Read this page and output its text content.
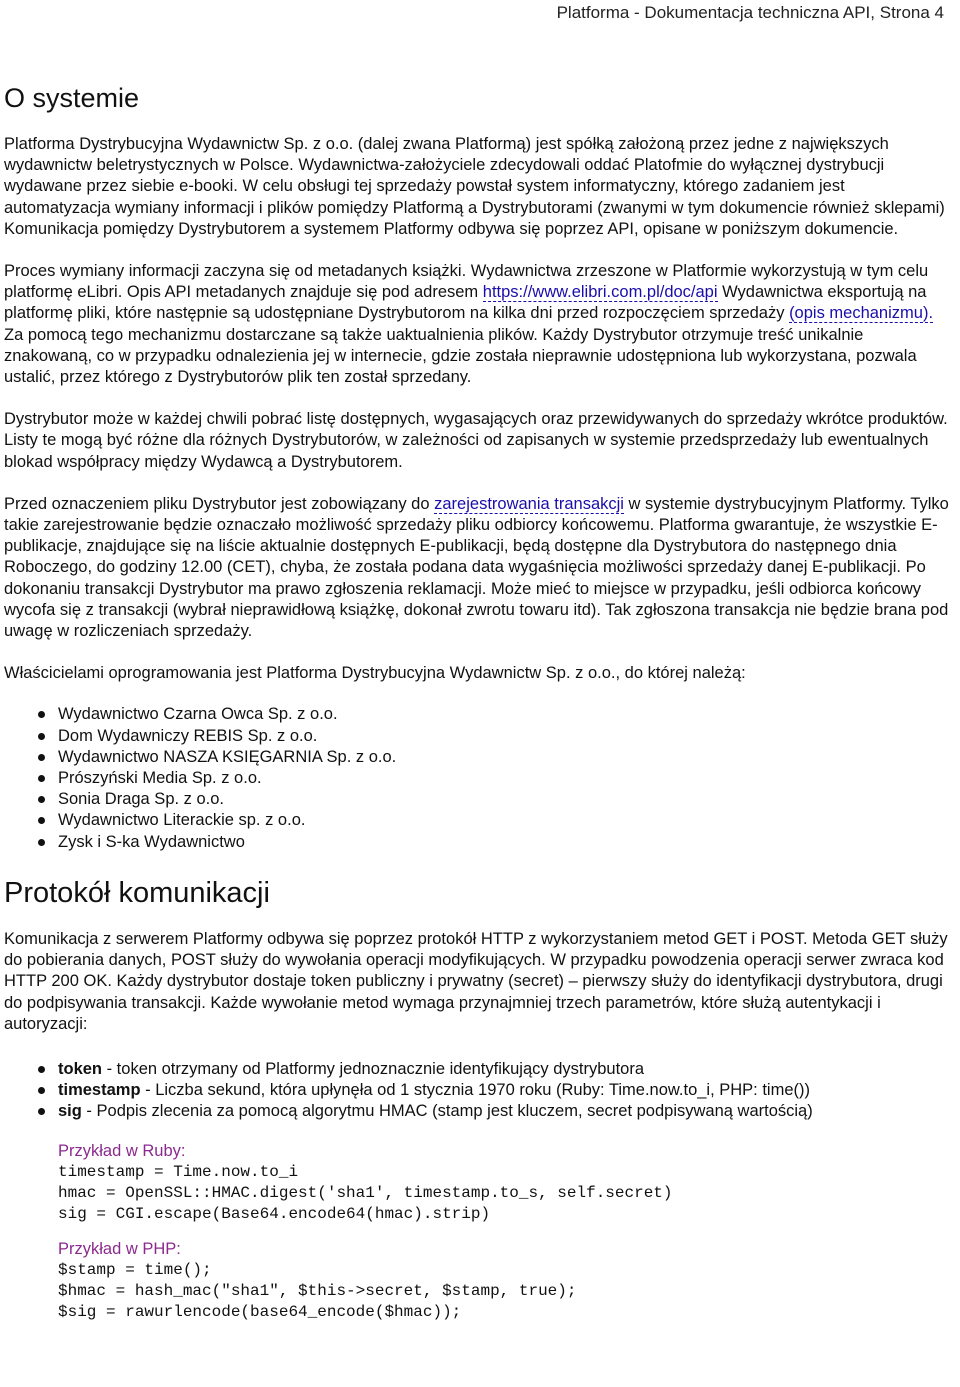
Platforma - Dokumentacja techniczna API, Strona 4
O systemie

Platforma Dystrybucyjna Wydawnictw Sp. z o.o. (dalej zwana Platformą) jest spółką założoną przez jedne z największych wydawnictw beletrystycznych w Polsce. Wydawnictwa-założyciele zdecydowali oddać Platofmie do wyłącznej dystrybucji wydawane przez siebie e-booki. W celu obsługi tej sprzedaży powstał system informatyczny, którego zadaniem jest automatyzacja wymiany informacji i plików pomiędzy Platformą a Dystrybutorami (zwanymi w tym dokumencie również sklepami) Komunikacja pomiędzy Dystrybutorem a systemem Platformy odbywa się poprzez API, opisane w poniższym dokumencie.

Proces wymiany informacji zaczyna się od metadanych książki. Wydawnictwa zrzeszone w Platformie wykorzystują w tym celu platformę eLibri. Opis API metadanych znajduje się pod adresem https://www.elibri.com.pl/doc/api Wydawnictwa eksportują na platformę pliki, które następnie są udostępniane Dystrybutorom na kilka dni przed rozpoczęciem sprzedaży (opis mechanizmu). Za pomocą tego mechanizmu dostarczane są także uaktualnienia plików. Każdy Dystrybutor otrzymuje treść unikalnie znakowaną, co w przypadku odnalezienia jej w internecie, gdzie została nieprawnie udostępniona lub wykorzystana, pozwala ustalić, przez którego z Dystrybutorów plik ten został sprzedany.

Dystrybutor może w każdej chwili pobrać listę dostępnych, wygasających oraz przewidywanych do sprzedaży wkrótce produktów. Listy te mogą być różne dla różnych Dystrybutorów, w zależności od zapisanych w systemie przedsprzedaży lub ewentualnych blokad współpracy między Wydawcą a Dystrybutorem.

Przed oznaczeniem pliku Dystrybutor jest zobowiązany do zarejestrowania transakcji w systemie dystrybucyjnym Platformy. Tylko takie zarejestrowanie będzie oznaczało możliwość sprzedaży pliku odbiorcy końcowemu. Platforma gwarantuje, że wszystkie E-publikacje, znajdujące się na liście aktualnie dostępnych E-publikacji, będą dostępne dla Dystrybutora do następnego dnia Roboczego, do godziny 12.00 (CET), chyba, że została podana data wygaśnięcia możliwości sprzedaży danej E-publikacji. Po dokonaniu transakcji Dystrybutor ma prawo zgłoszenia reklamacji. Może mieć to miejsce w przypadku, jeśli odbiorca końcowy wycofa się z transakcji (wybrał nieprawidłową książkę, dokonał zwrotu towaru itd). Tak zgłoszona transakcja nie będzie brana pod uwagę w rozliczeniach sprzedaży.

Właścicielami oprogramowania jest Platforma Dystrybucyjna Wydawnictw Sp. z o.o., do której należą:

Wydawnictwo Czarna Owca Sp. z o.o.
Dom Wydawniczy REBIS Sp. z o.o.
Wydawnictwo NASZA KSIĘGARNIA Sp. z o.o.
Prószyński Media Sp. z o.o.
Sonia Draga Sp. z o.o.
Wydawnictwo Literackie sp. z o.o.
Zysk i S-ka Wydawnictwo
Protokół komunikacji

Komunikacja z serwerem Platformy odbywa się poprzez protokół HTTP z wykorzystaniem metod GET i POST. Metoda GET służy do pobierania danych, POST służy do wywołania operacji modyfikujących. W przypadku powodzenia operacji serwer zwraca kod HTTP 200 OK. Każdy dystrybutor dostaje token publiczny i prywatny (secret) – pierwszy służy do identyfikacji dystrybutora, drugi do podpisywania transakcji. Każde wywołanie metod wymaga przynajmniej trzech parametrów, które służą autentykacji i autoryzacji:

token - token otrzymany od Platformy jednoznacznie identyfikujący dystrybutora
timestamp - Liczba sekund, która upłynęła od 1 stycznia 1970 roku (Ruby: Time.now.to_i, PHP: time())
sig - Podpis zlecenia za pomocą algorytmu HMAC (stamp jest kluczem, secret podpisywaną wartością)
Przykład w Ruby:
timestamp = Time.now.to_i
hmac = OpenSSL::HMAC.digest('sha1', timestamp.to_s, self.secret)
sig = CGI.escape(Base64.encode64(hmac).strip)
Przykład w PHP:
$stamp = time();
$hmac = hash_mac("sha1", $this->secret, $stamp, true);
$sig = rawurlencode(base64_encode($hmac));
